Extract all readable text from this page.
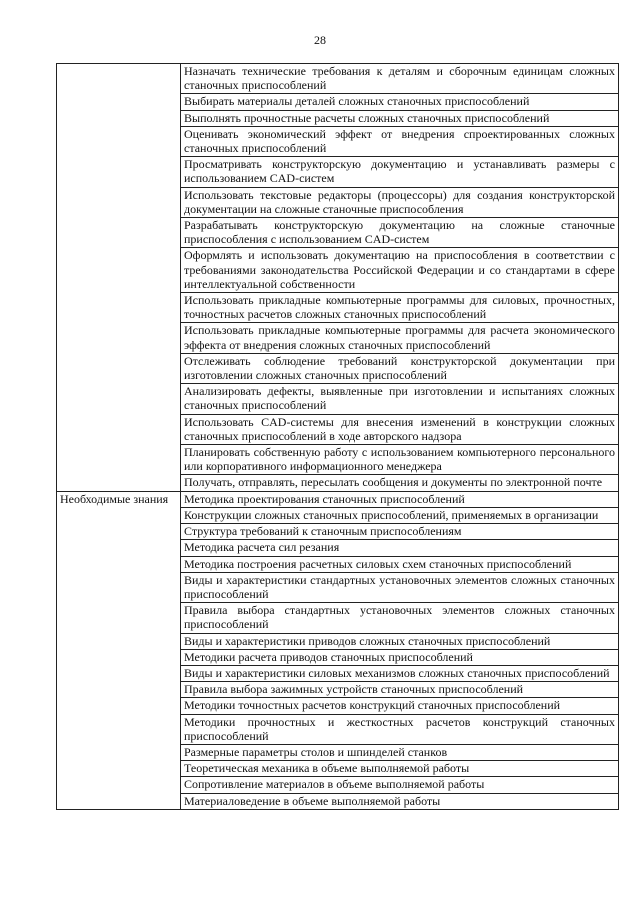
28
	Назначать технические требования к деталям и сборочным единицам сложных станочных приспособлений
	Выбирать материалы деталей сложных станочных приспособлений
	Выполнять прочностные расчеты сложных станочных приспособлений
	Оценивать экономический эффект от внедрения спроектированных сложных станочных приспособлений
	Просматривать конструкторскую документацию и устанавливать размеры с использованием CAD-систем
	Использовать текстовые редакторы (процессоры) для создания конструкторской документации на сложные станочные приспособления
	Разрабатывать конструкторскую документацию на сложные станочные приспособления с использованием CAD-систем
	Оформлять и использовать документацию на приспособления в соответствии с требованиями законодательства Российской Федерации и со стандартами в сфере интеллектуальной собственности
	Использовать прикладные компьютерные программы для силовых, прочностных, точностных расчетов сложных станочных приспособлений
	Использовать прикладные компьютерные программы для расчета экономического эффекта от внедрения сложных станочных приспособлений
	Отслеживать соблюдение требований конструкторской документации при изготовлении сложных станочных приспособлений
	Анализировать дефекты, выявленные при изготовлении и испытаниях сложных станочных приспособлений
	Использовать CAD-системы для внесения изменений в конструкции сложных станочных приспособлений в ходе авторского надзора
	Планировать собственную работу с использованием компьютерного персонального или корпоративного информационного менеджера
	Получать, отправлять, пересылать сообщения и документы по электронной почте
Необходимые знания	Методика проектирования станочных приспособлений
	Конструкции сложных станочных приспособлений, применяемых в организации
	Структура требований к станочным приспособлениям
	Методика расчета сил резания
	Методика построения расчетных силовых схем станочных приспособлений
	Виды и характеристики стандартных установочных элементов сложных станочных приспособлений
	Правила выбора стандартных установочных элементов сложных станочных приспособлений
	Виды и характеристики приводов сложных станочных приспособлений
	Методики расчета приводов станочных приспособлений
	Виды и характеристики силовых механизмов сложных станочных приспособлений
	Правила выбора зажимных устройств станочных приспособлений
	Методики точностных расчетов конструкций станочных приспособлений
	Методики прочностных и жесткостных расчетов конструкций станочных приспособлений
	Размерные параметры столов и шпинделей станков
	Теоретическая механика в объеме выполняемой работы
	Сопротивление материалов в объеме выполняемой работы
	Материаловедение в объеме выполняемой работы
